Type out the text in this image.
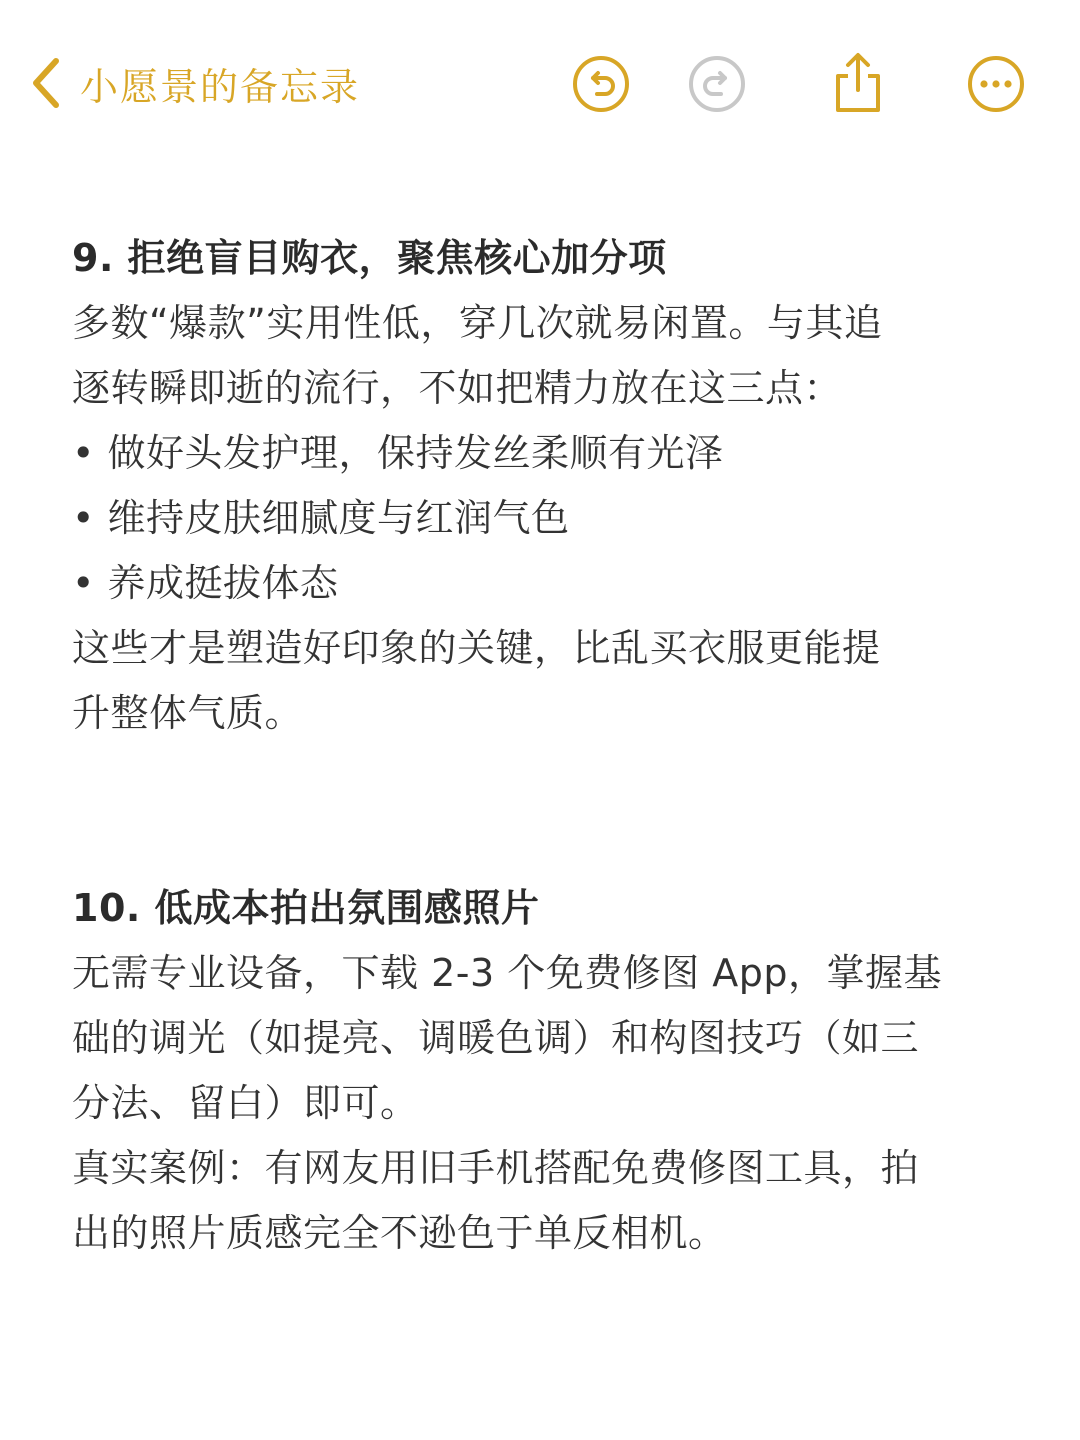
小愿景的备忘录

9. 拒绝盲目购衣，聚焦核心加分项

多数“爆款”实用性低，穿几次就易闲置。与其追

逐转瞬即逝的流行，不如把精力放在这三点：

• 做好头发护理，保持发丝柔顺有光泽

• 维持皮肤细腻度与红润气色

• 养成挺拔体态

这些才是塑造好印象的关键，比乱买衣服更能提

升整体气质。

10. 低成本拍出氛围感照片

无需专业设备，下载 2-3 个免费修图 App，掌握基

础的调光（如提亮、调暖色调）和构图技巧（如三

分法、留白）即可。

真实案例：有网友用旧手机搭配免费修图工具，拍

出的照片质感完全不逊色于单反相机。
